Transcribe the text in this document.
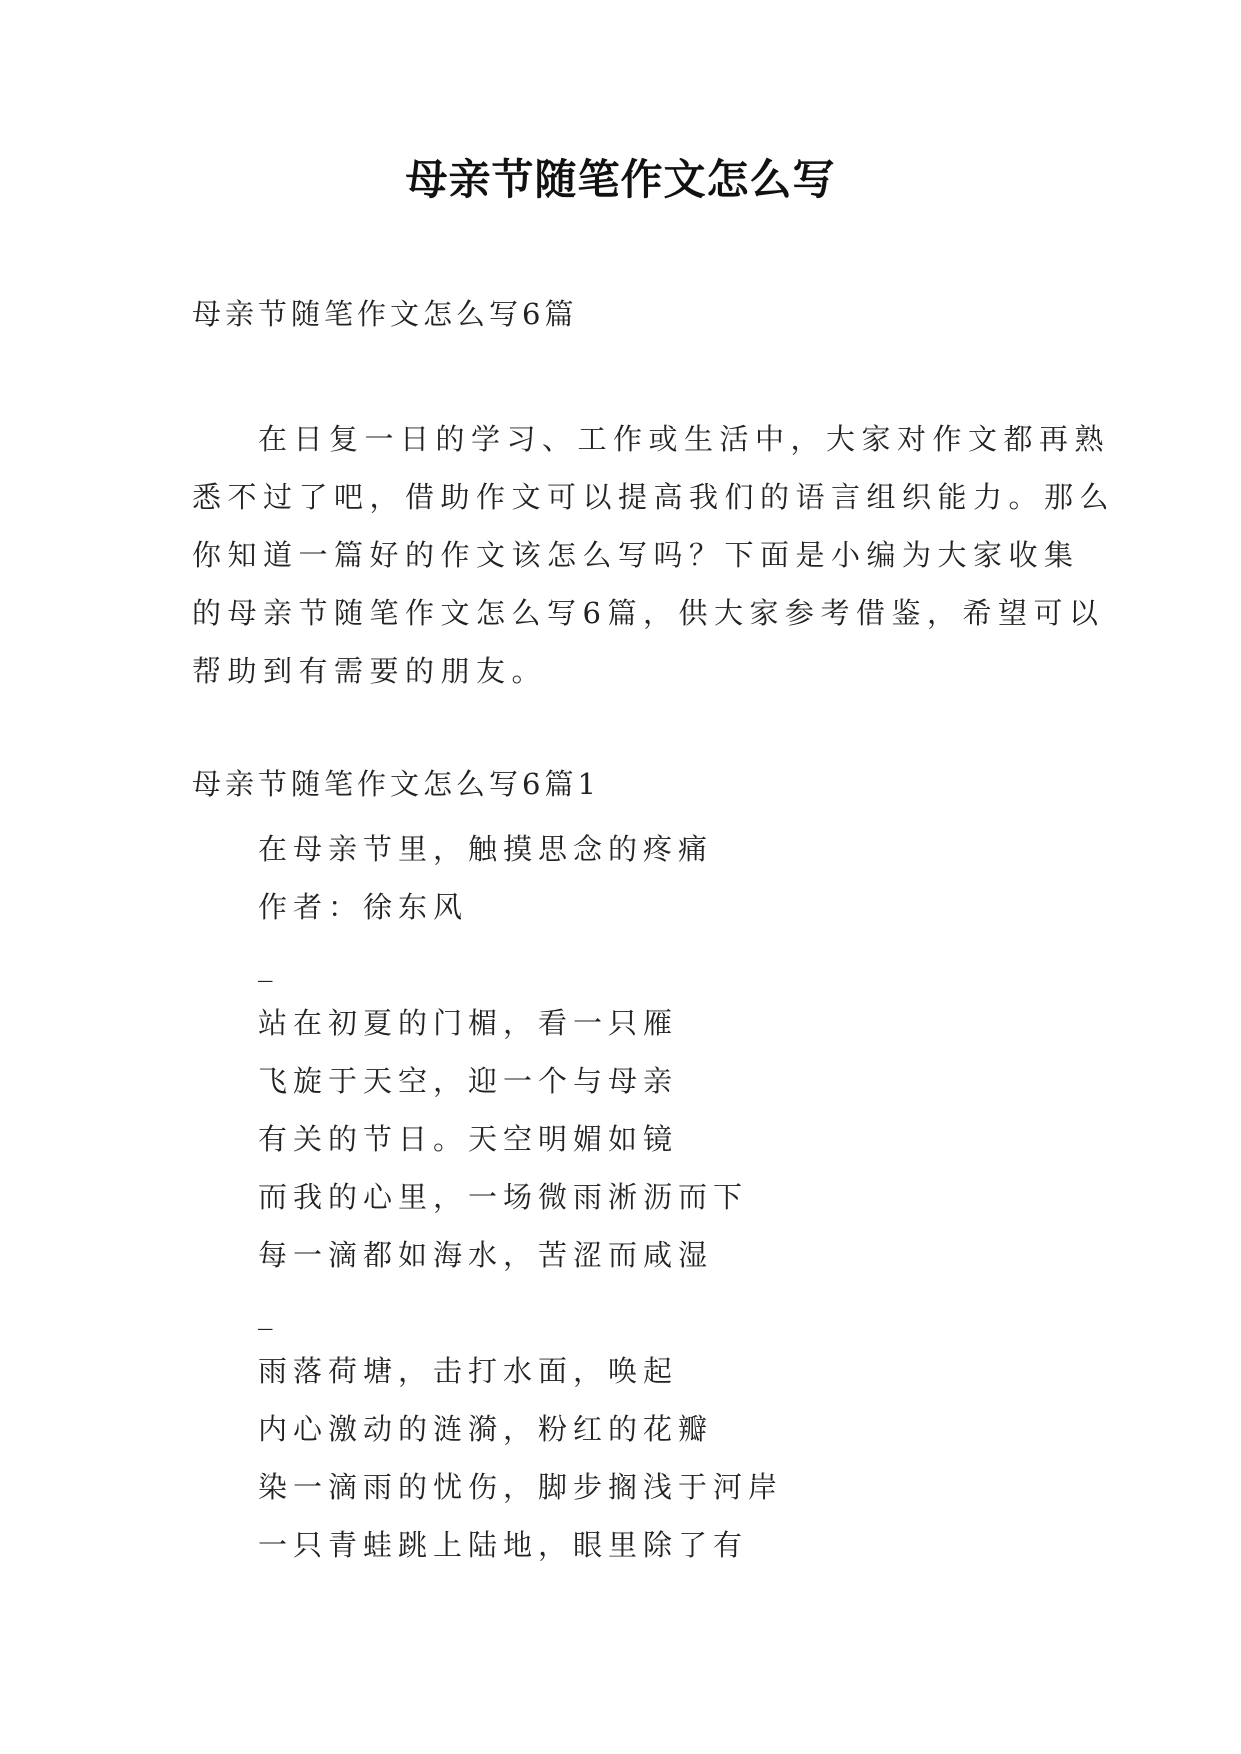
母亲节随笔作文怎么写
母亲节随笔作文怎么写6篇
在日复一日的学习、工作或生活中，大家对作文都再熟
悉不过了吧，借助作文可以提高我们的语言组织能力。那么
你知道一篇好的作文该怎么写吗？下面是小编为大家收集
的母亲节随笔作文怎么写6篇，供大家参考借鉴，希望可以
帮助到有需要的朋友。
母亲节随笔作文怎么写6篇1
在母亲节里，触摸思念的疼痛
作者：徐东风
_
站在初夏的门楣，看一只雁
飞旋于天空，迎一个与母亲
有关的节日。天空明媚如镜
而我的心里，一场微雨淅沥而下
每一滴都如海水，苦涩而咸湿
_
雨落荷塘，击打水面，唤起
内心激动的涟漪，粉红的花瓣
染一滴雨的忧伤，脚步搁浅于河岸
一只青蛙跳上陆地，眼里除了有
